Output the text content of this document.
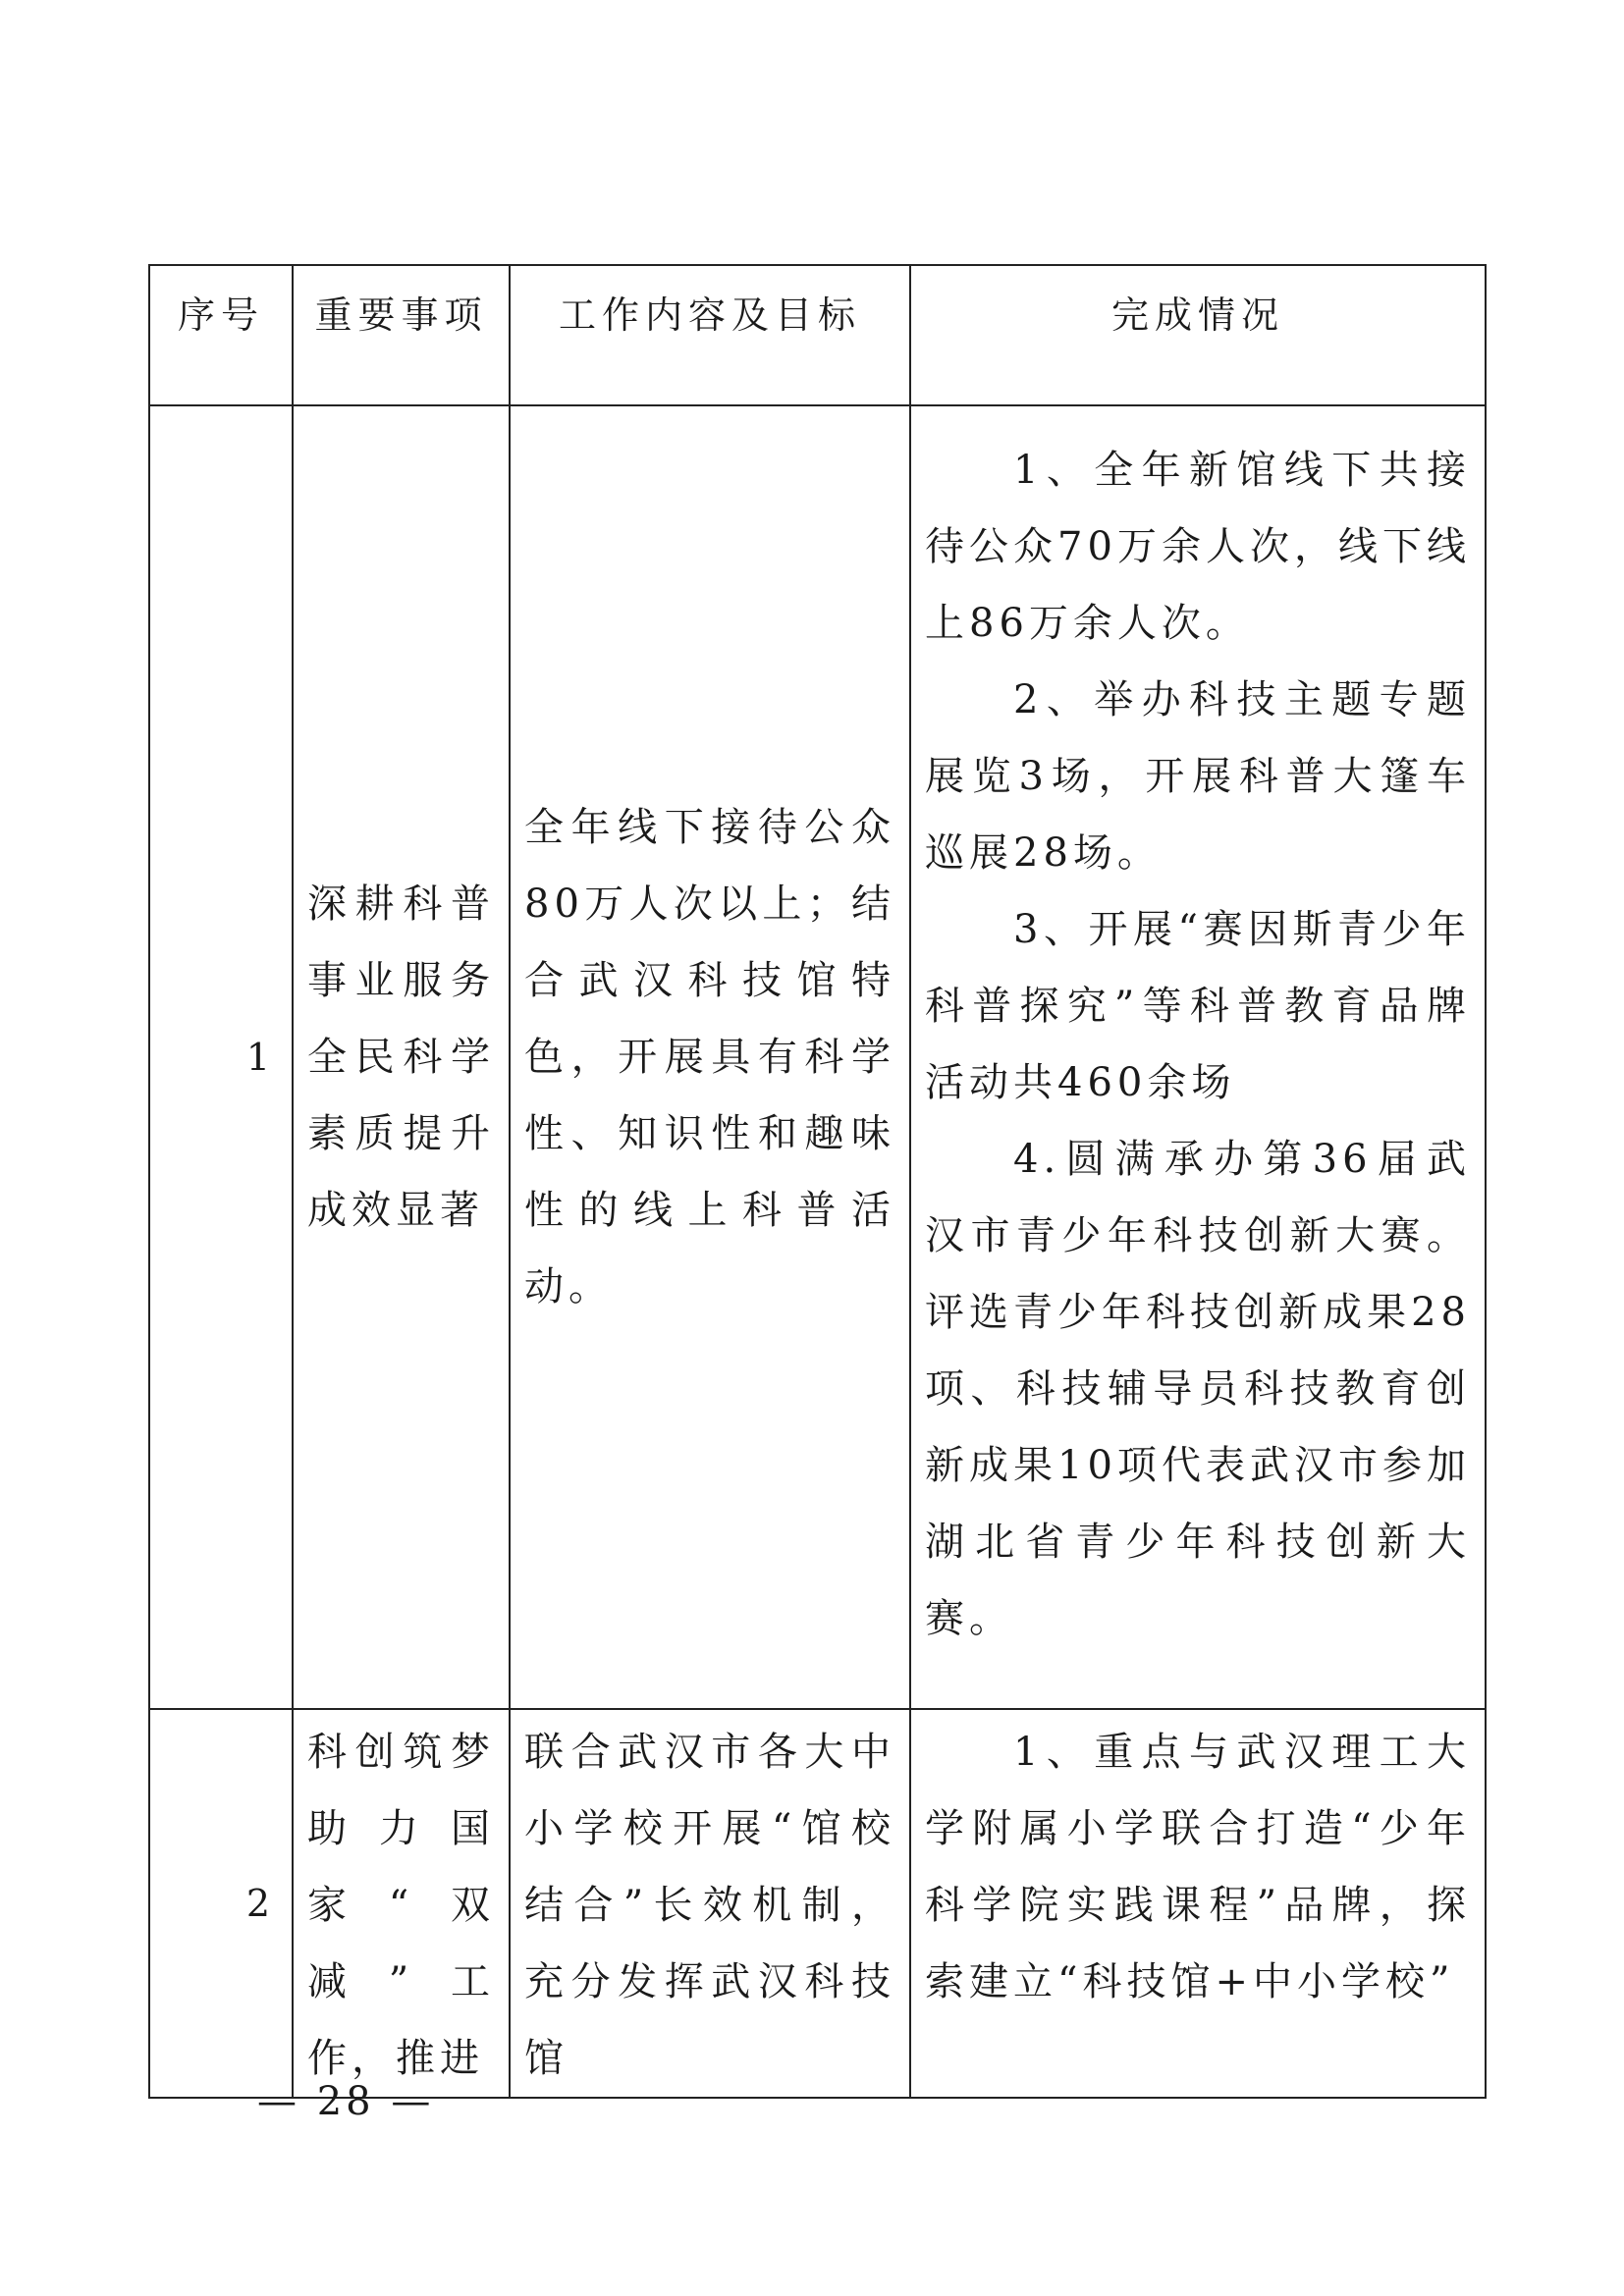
序号	重要事项	工作内容及目标	完成情况
1	深耕科普事业服务全民科学素质提升成效显著	全年线下接待公众80万人次以上；结合武汉科技馆特色，开展具有科学性、知识性和趣味性的线上科普活动。	1、全年新馆线下共接待公众70万余人次，线下线上86万余人次。

2、举办科技主题专题展览3场，开展科普大篷车巡展28场。

3、开展“赛因斯青少年科普探究”等科普教育品牌活动共460余场

4.圆满承办第36届武汉市青少年科技创新大赛。评选青少年科技创新成果28项、科技辅导员科技教育创新成果10项代表武汉市参加湖北省青少年科技创新大赛。

2	科创筑梦助力国家“双减”工作，推进	联合武汉市各大中小学校开展“馆校结合”长效机制，充分发挥武汉科技馆	1、重点与武汉理工大学附属小学联合打造“少年科学院实践课程”品牌，探索建立“科技馆+中小学校”

— 28 —
